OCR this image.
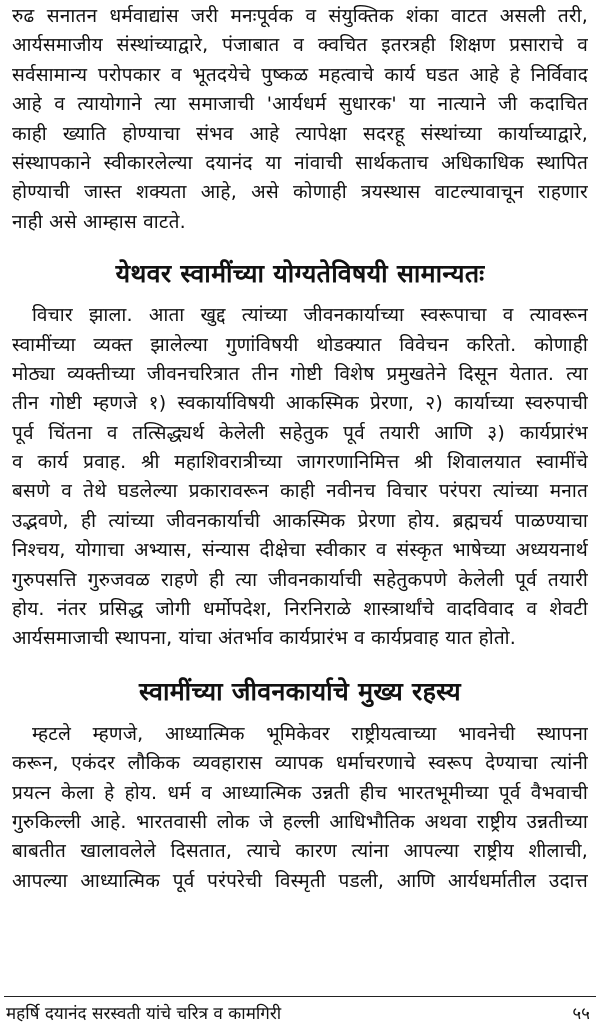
रुढ सनातन धर्मवाद्यांस जरी मनःपूर्वक व संयुक्तिक शंका वाटत असली तरी,
आर्यसमाजीय संस्थांच्याद्वारे, पंजाबात व क्वचित इतरत्रही शिक्षण प्रसाराचे व
सर्वसामान्य परोपकार व भूतदयेचे पुष्कळ महत्वाचे कार्य घडत आहे हे निर्विवाद
आहे व त्यायोगाने त्या समाजाची 'आर्यधर्म सुधारक' या नात्याने जी कदाचित
काही ख्याति होण्याचा संभव आहे त्यापेक्षा सदरहू संस्थांच्या कार्याच्याद्वारे,
संस्थापकाने स्वीकारलेल्या दयानंद या नांवाची सार्थकताच अधिकाधिक स्थापित
होण्याची जास्त शक्यता आहे, असे कोणाही त्रयस्थास वाटल्यावाचून राहणार
नाही असे आम्हास वाटते.
येथवर स्वामींच्या योग्यतेविषयी सामान्यतः
विचार झाला. आता खुद्द त्यांच्या जीवनकार्याच्या स्वरूपाचा व त्यावरून
स्वामींच्या व्यक्त झालेल्या गुणांविषयी थोडक्यात विवेचन करितो. कोणाही
मोठ्या व्यक्तीच्या जीवनचरित्रात तीन गोष्टी विशेष प्रमुखतेने दिसून येतात. त्या
तीन गोष्टी म्हणजे १) स्वकार्याविषयी आकस्मिक प्रेरणा, २) कार्याच्या स्वरुपाची
पूर्व चिंतना व तत्सिद्ध्यर्थ केलेली सहेतुक पूर्व तयारी आणि ३) कार्यप्रारंभ
व कार्य प्रवाह. श्री महाशिवरात्रीच्या जागरणानिमित्त श्री शिवालयात स्वामींचे
बसणे व तेथे घडलेल्या प्रकारावरून काही नवीनच विचार परंपरा त्यांच्या मनात
उद्भवणे, ही त्यांच्या जीवनकार्याची आकस्मिक प्रेरणा होय. ब्रह्मचर्य पाळण्याचा
निश्चय, योगाचा अभ्यास, संन्यास दीक्षेचा स्वीकार व संस्कृत भाषेच्या अध्ययनार्थ
गुरुपसत्ति गुरुजवळ राहणे ही त्या जीवनकार्याची सहेतुकपणे केलेली पूर्व तयारी
होय. नंतर प्रसिद्ध जोगी धर्मोपदेश, निरनिराळे शास्त्रार्थांचे वादविवाद व शेवटी
आर्यसमाजाची स्थापना, यांचा अंतर्भाव कार्यप्रारंभ व कार्यप्रवाह यात होतो.
स्वामींच्या जीवनकार्याचे मुख्य रहस्य
म्हटले म्हणजे, आध्यात्मिक भूमिकेवर राष्ट्रीयत्वाच्या भावनेची स्थापना
करून, एकंदर लौकिक व्यवहारास व्यापक धर्माचरणाचे स्वरूप देण्याचा त्यांनी
प्रयत्न केला हे होय. धर्म व आध्यात्मिक उन्नती हीच भारतभूमीच्या पूर्व वैभवाची
गुरुकिल्ली आहे. भारतवासी लोक जे हल्ली आधिभौतिक अथवा राष्ट्रीय उन्नतीच्या
बाबतीत खालावलेले दिसतात, त्याचे कारण त्यांना आपल्या राष्ट्रीय शीलाची,
आपल्या आध्यात्मिक पूर्व परंपरेची विस्मृती पडली, आणि आर्यधर्मातील उदात्त
महर्षि दयानंद सरस्वती यांचे चरित्र व कामगिरी	५५
